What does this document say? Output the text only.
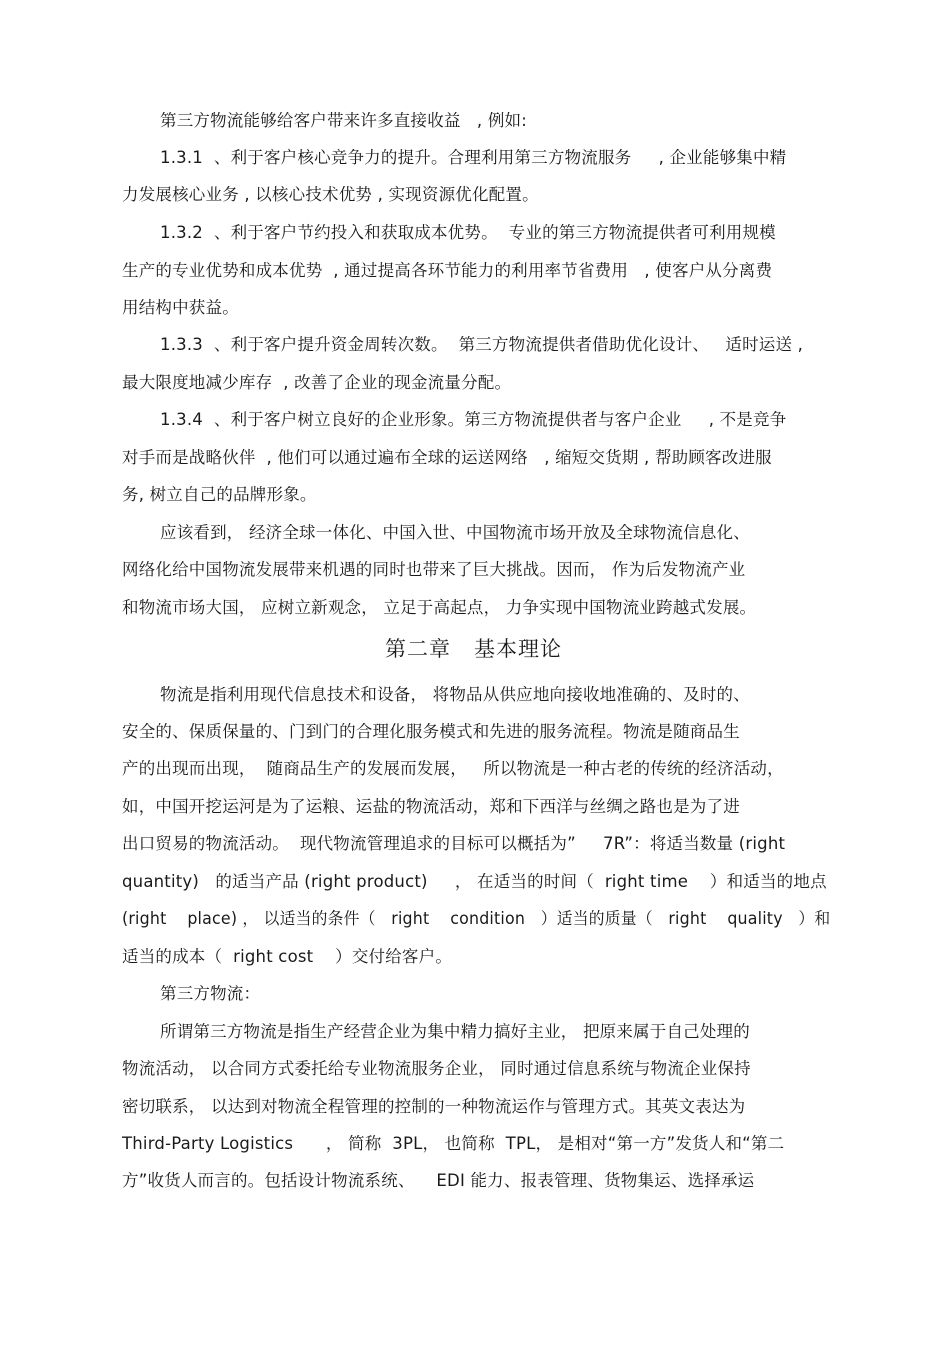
第三方物流能够给客户带来许多直接收益   , 例如:
1.3.1  、利于客户核心竞争力的提升。合理利用第三方物流服务     , 企业能够集中精
力发展核心业务 , 以核心技术优势 , 实现资源优化配置。
1.3.2  、利于客户节约投入和获取成本优势。  专业的第三方物流提供者可利用规模
生产的专业优势和成本优势  , 通过提高各环节能力的利用率节省费用   , 使客户从分离费
用结构中获益。
1.3.3  、利于客户提升资金周转次数。  第三方物流提供者借助优化设计、   适时运送 ,
最大限度地减少库存  , 改善了企业的现金流量分配。
1.3.4  、利于客户树立良好的企业形象。第三方物流提供者与客户企业     , 不是竞争
对手而是战略伙伴  , 他们可以通过遍布全球的运送网络   , 缩短交货期 , 帮助顾客改进服
务, 树立自己的品牌形象。
应该看到， 经济全球一体化、中国入世、中国物流市场开放及全球物流信息化、
网络化给中国物流发展带来机遇的同时也带来了巨大挑战。因而， 作为后发物流产业
和物流市场大国， 应树立新观念， 立足于高起点， 力争实现中国物流业跨越式发展。
第二章   基本理论
物流是指利用现代信息技术和设备， 将物品从供应地向接收地准确的、及时的、
安全的、保质保量的、门到门的合理化服务模式和先进的服务流程。物流是随商品生
产的出现而出现，  随商品生产的发展而发展，   所以物流是一种古老的传统的经济活动，
如，中国开挖运河是为了运粮、运盐的物流活动，郑和下西洋与丝绸之路也是为了进
出口贸易的物流活动。  现代物流管理追求的目标可以概括为”     7R”：将适当数量 (right
quantity)   的适当产品 (right product)     ， 在适当的时间（  right time    ）和适当的地点
(right    place) ， 以适当的条件（   right    condition   ）适当的质量（   right    quality   ）和
适当的成本（  right cost    ）交付给客户。
第三方物流：
所谓第三方物流是指生产经营企业为集中精力搞好主业， 把原来属于自己处理的
物流活动， 以合同方式委托给专业物流服务企业， 同时通过信息系统与物流企业保持
密切联系， 以达到对物流全程管理的控制的一种物流运作与管理方式。其英文表达为
Third-Party Logistics      ， 简称  3PL， 也简称  TPL， 是相对“第一方”发货人和“第二
方”收货人而言的。包括设计物流系统、    EDI 能力、报表管理、货物集运、选择承运
